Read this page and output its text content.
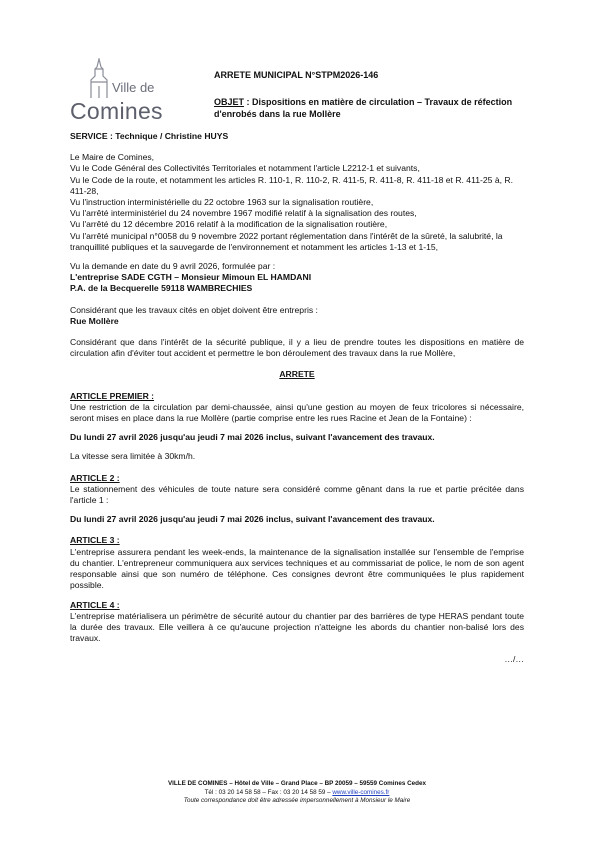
Ville de
Comines
ARRETE MUNICIPAL N°STPM2026-146
OBJET : Dispositions en matière de circulation – Travaux de réfection d'enrobés dans la rue Mollère

SERVICE : Technique / Christine HUYS

Le Maire de Comines,

Vu le Code Général des Collectivités Territoriales et notamment l'article L2212-1 et suivants,

Vu le Code de la route, et notamment les articles R. 110-1, R. 110-2, R. 411-5, R. 411-8, R. 411-18 et R. 411-25 à, R. 411-28,

Vu l'instruction interministérielle du 22 octobre 1963 sur la signalisation routière,

Vu l'arrêté interministériel du 24 novembre 1967 modifié relatif à la signalisation des routes,

Vu l'arrêté du 12 décembre 2016 relatif à la modification de la signalisation routière,

Vu l'arrêté municipal n°0058 du 9 novembre 2022 portant réglementation dans l'intérêt de la sûreté, la salubrité, la tranquillité publiques et la sauvegarde de l'environnement et notamment les articles 1-13 et 1-15,

Vu la demande en date du 9 avril 2026, formulée par :

L'entreprise SADE CGTH – Monsieur Mimoun EL HAMDANI

P.A. de la Becquerelle 59118 WAMBRECHIES

Considérant que les travaux cités en objet doivent être entrepris :

Rue Mollère

Considérant que dans l'intérêt de la sécurité publique, il y a lieu de prendre toutes les dispositions en matière de circulation afin d'éviter tout accident et permettre le bon déroulement des travaux dans la rue Mollère,

ARRETE

ARTICLE PREMIER :

Une restriction de la circulation par demi-chaussée, ainsi qu'une gestion au moyen de feux tricolores si nécessaire, seront mises en place dans la rue Mollère (partie comprise entre les rues Racine et Jean de la Fontaine) :

Du lundi 27 avril 2026 jusqu'au jeudi 7 mai 2026 inclus, suivant l'avancement des travaux.

La vitesse sera limitée à 30km/h.

ARTICLE 2 :

Le stationnement des véhicules de toute nature sera considéré comme gênant dans la rue et partie précitée dans l'article 1 :

Du lundi 27 avril 2026 jusqu'au jeudi 7 mai 2026 inclus, suivant l'avancement des travaux.

ARTICLE 3 :

L'entreprise assurera pendant les week-ends, la maintenance de la signalisation installée sur l'ensemble de l'emprise du chantier. L'entrepreneur communiquera aux services techniques et au commissariat de police, le nom de son agent responsable ainsi que son numéro de téléphone. Ces consignes devront être communiquées le plus rapidement possible.

ARTICLE 4 :

L'entreprise matérialisera un périmètre de sécurité autour du chantier par des barrières de type HERAS pendant toute la durée des travaux. Elle veillera à ce qu'aucune projection n'atteigne les abords du chantier non-balisé lors des travaux.

…/…

VILLE DE COMINES – Hôtel de Ville – Grand Place – BP 20059 – 59559 Comines Cedex
Tél : 03 20 14 58 58 – Fax : 03 20 14 58 59 – www.ville-comines.fr
Toute correspondance doit être adressée impersonnellement à Monsieur le Maire
